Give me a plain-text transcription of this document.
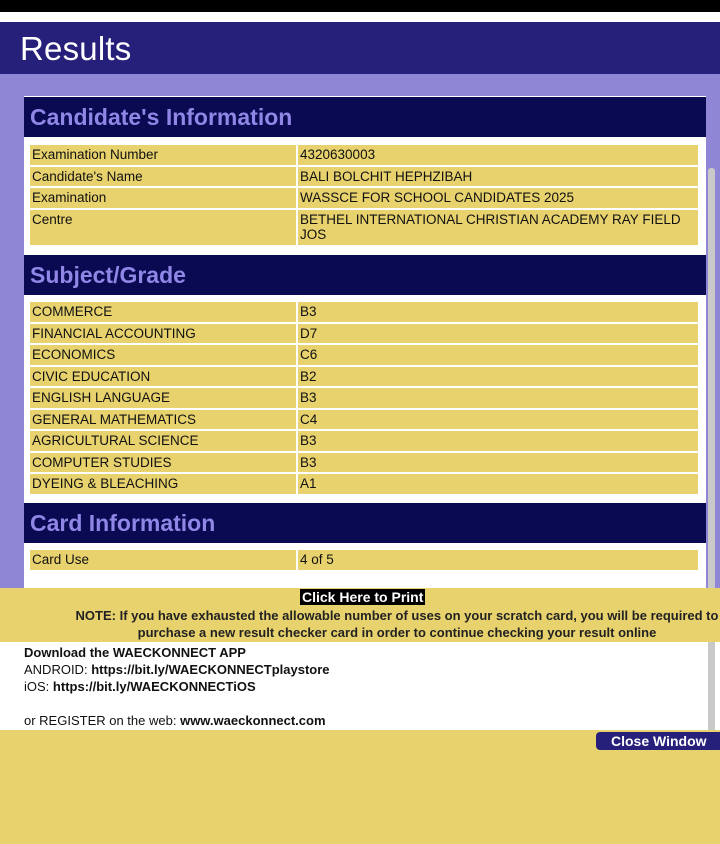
Results
Candidate's Information
Examination Number	4320630003
Candidate's Name	BALI BOLCHIT HEPHZIBAH
Examination	WASSCE FOR SCHOOL CANDIDATES 2025
Centre	BETHEL INTERNATIONAL CHRISTIAN ACADEMY RAY FIELD JOS
Subject/Grade
COMMERCE	B3
FINANCIAL ACCOUNTING	D7
ECONOMICS	C6
CIVIC EDUCATION	B2
ENGLISH LANGUAGE	B3
GENERAL MATHEMATICS	C4
AGRICULTURAL SCIENCE	B3
COMPUTER STUDIES	B3
DYEING & BLEACHING	A1
Card Information
Card Use	4 of 5
Click Here to Print
NOTE: If you have exhausted the allowable number of uses on your scratch card, you will be required to purchase a new result checker card in order to continue checking your result online
Download the WAECKONNECT APP
ANDROID: https://bit.ly/WAECKONNECTplaystore
iOS: https://bit.ly/WAECKONNECTiOS
or REGISTER on the web: www.waeckonnect.com
Close Window
